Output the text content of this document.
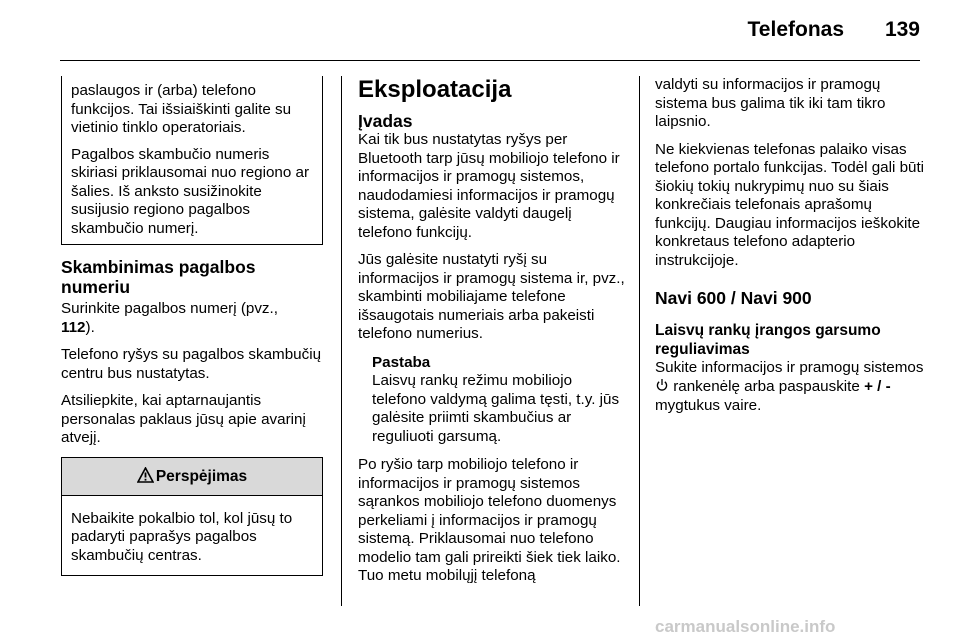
Telefonas 139

paslaugos ir (arba) telefono funkcijos. Tai išsiaiškinti galite su vietinio tinklo operatoriais.

Pagalbos skambučio numeris skiriasi priklausomai nuo regiono ar šalies. Iš anksto susižinokite susijusio regiono pagalbos skambučio numerį.

Skambinimas pagalbos numeriu

Surinkite pagalbos numerį (pvz.,
112).

Telefono ryšys su pagalbos skambučių centru bus nustatytas.

Atsiliepkite, kai aptarnaujantis personalas paklaus jūsų apie avarinį atvejį.

Perspėjimas
Nebaikite pokalbio tol, kol jūsų to padaryti paprašys pagalbos skambučių centras.
Eksploatacija
Įvadas

Kai tik bus nustatytas ryšys per Bluetooth tarp jūsų mobiliojo telefono ir informacijos ir pramogų sistemos, naudodamiesi informacijos ir pramogų sistema, galėsite valdyti daugelį telefono funkcijų.

Jūs galėsite nustatyti ryšį su informacijos ir pramogų sistema ir, pvz., skambinti mobiliajame telefone išsaugotais numeriais arba pakeisti telefono numerius.

Pastaba
Laisvų rankų režimu mobiliojo telefono valdymą galima tęsti, t.y. jūs galėsite priimti skambučius ar reguliuoti garsumą.

Po ryšio tarp mobiliojo telefono ir informacijos ir pramogų sistemos sąrankos mobiliojo telefono duomenys perkeliami į informacijos ir pramogų sistemą. Priklausomai nuo telefono modelio tam gali prireikti šiek tiek laiko. Tuo metu mobilųjį telefoną

valdyti su informacijos ir pramogų sistema bus galima tik iki tam tikro laipsnio.

Ne kiekvienas telefonas palaiko visas telefono portalo funkcijas. Todėl gali būti šiokių tokių nukrypimų nuo su šiais konkrečiais telefonais aprašomų funkcijų. Daugiau informacijos ieškokite konkretaus telefono adapterio instrukcijoje.

Navi 600 / Navi 900
Laisvų rankų įrangos garsumo reguliavimas

Sukite informacijos ir pramogų sistemos  rankenėlę arba paspauskite + / - mygtukus vaire.

carmanualsonline.info
